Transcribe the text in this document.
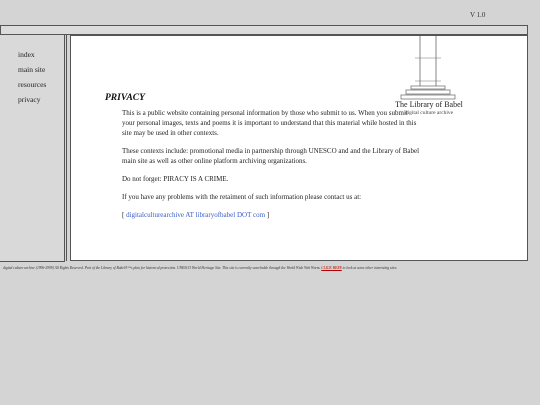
V 1.0
index
main site
resources
privacy
The Library of Babel
digital culture archive
PRIVACY

This is a public website containing personal information by those who submit to us. When you submit your personal images, texts and poems it is important to understand that this material while hosted in this site may be used in other contexts.

These contexts include: promotional media in partnership through UNESCO and and the Library of Babel main site as well as other online platform archiving organizations.

Do not forget: PIRACY IS A CRIME.

If you have any problems with the retaiment of such information please contact us at:

[ digitalculturearchive AT libraryofbabel DOT com ]

digital culture archive (1996-2999) All Rights Reserved. Part of the Library of Babel®™s plan for historical protection. UNESCO World Heritage Site. This site is currently searchable through the World Wide Web Worm. CLICK HERE to look at some other interesting sites.
